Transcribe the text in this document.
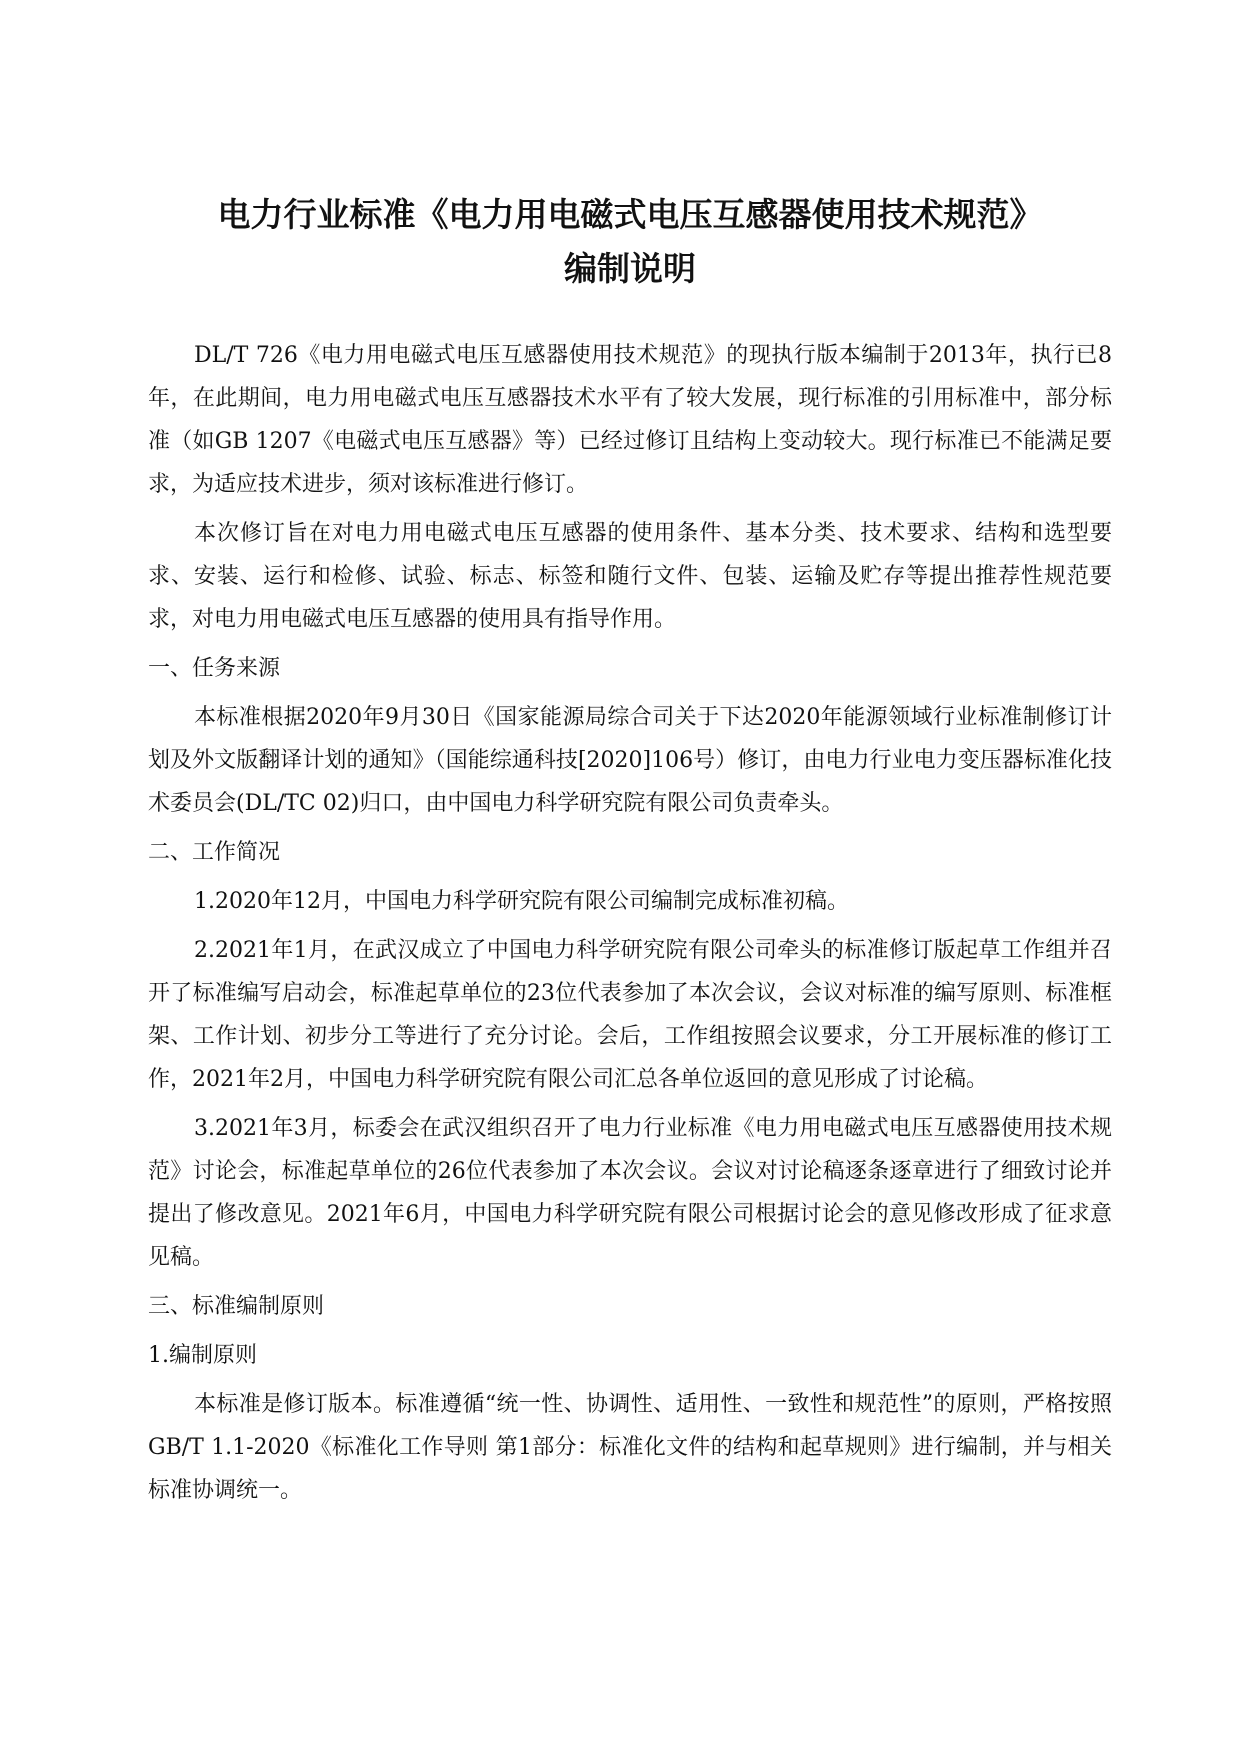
电力行业标准《电力用电磁式电压互感器使用技术规范》
编制说明

DL/T 726《电力用电磁式电压互感器使用技术规范》的现执行版本编制于2013年，执行已8年，在此期间，电力用电磁式电压互感器技术水平有了较大发展，现行标准的引用标准中，部分标准（如GB 1207《电磁式电压互感器》等）已经过修订且结构上变动较大。现行标准已不能满足要求，为适应技术进步，须对该标准进行修订。

本次修订旨在对电力用电磁式电压互感器的使用条件、基本分类、技术要求、结构和选型要求、安装、运行和检修、试验、标志、标签和随行文件、包装、运输及贮存等提出推荐性规范要求，对电力用电磁式电压互感器的使用具有指导作用。

一、任务来源

本标准根据2020年9月30日《国家能源局综合司关于下达2020年能源领域行业标准制修订计划及外文版翻译计划的通知》（国能综通科技[2020]106号）修订，由电力行业电力变压器标准化技术委员会(DL/TC 02)归口，由中国电力科学研究院有限公司负责牵头。

二、工作简况

1.2020年12月，中国电力科学研究院有限公司编制完成标准初稿。

2.2021年1月，在武汉成立了中国电力科学研究院有限公司牵头的标准修订版起草工作组并召开了标准编写启动会，标准起草单位的23位代表参加了本次会议，会议对标准的编写原则、标准框架、工作计划、初步分工等进行了充分讨论。会后，工作组按照会议要求，分工开展标准的修订工作，2021年2月，中国电力科学研究院有限公司汇总各单位返回的意见形成了讨论稿。

3.2021年3月，标委会在武汉组织召开了电力行业标准《电力用电磁式电压互感器使用技术规范》讨论会，标准起草单位的26位代表参加了本次会议。会议对讨论稿逐条逐章进行了细致讨论并提出了修改意见。2021年6月，中国电力科学研究院有限公司根据讨论会的意见修改形成了征求意见稿。

三、标准编制原则
1.编制原则

本标准是修订版本。标准遵循“统一性、协调性、适用性、一致性和规范性”的原则，严格按照GB/T 1.1-2020《标准化工作导则 第1部分：标准化文件的结构和起草规则》进行编制，并与相关标准协调统一。
